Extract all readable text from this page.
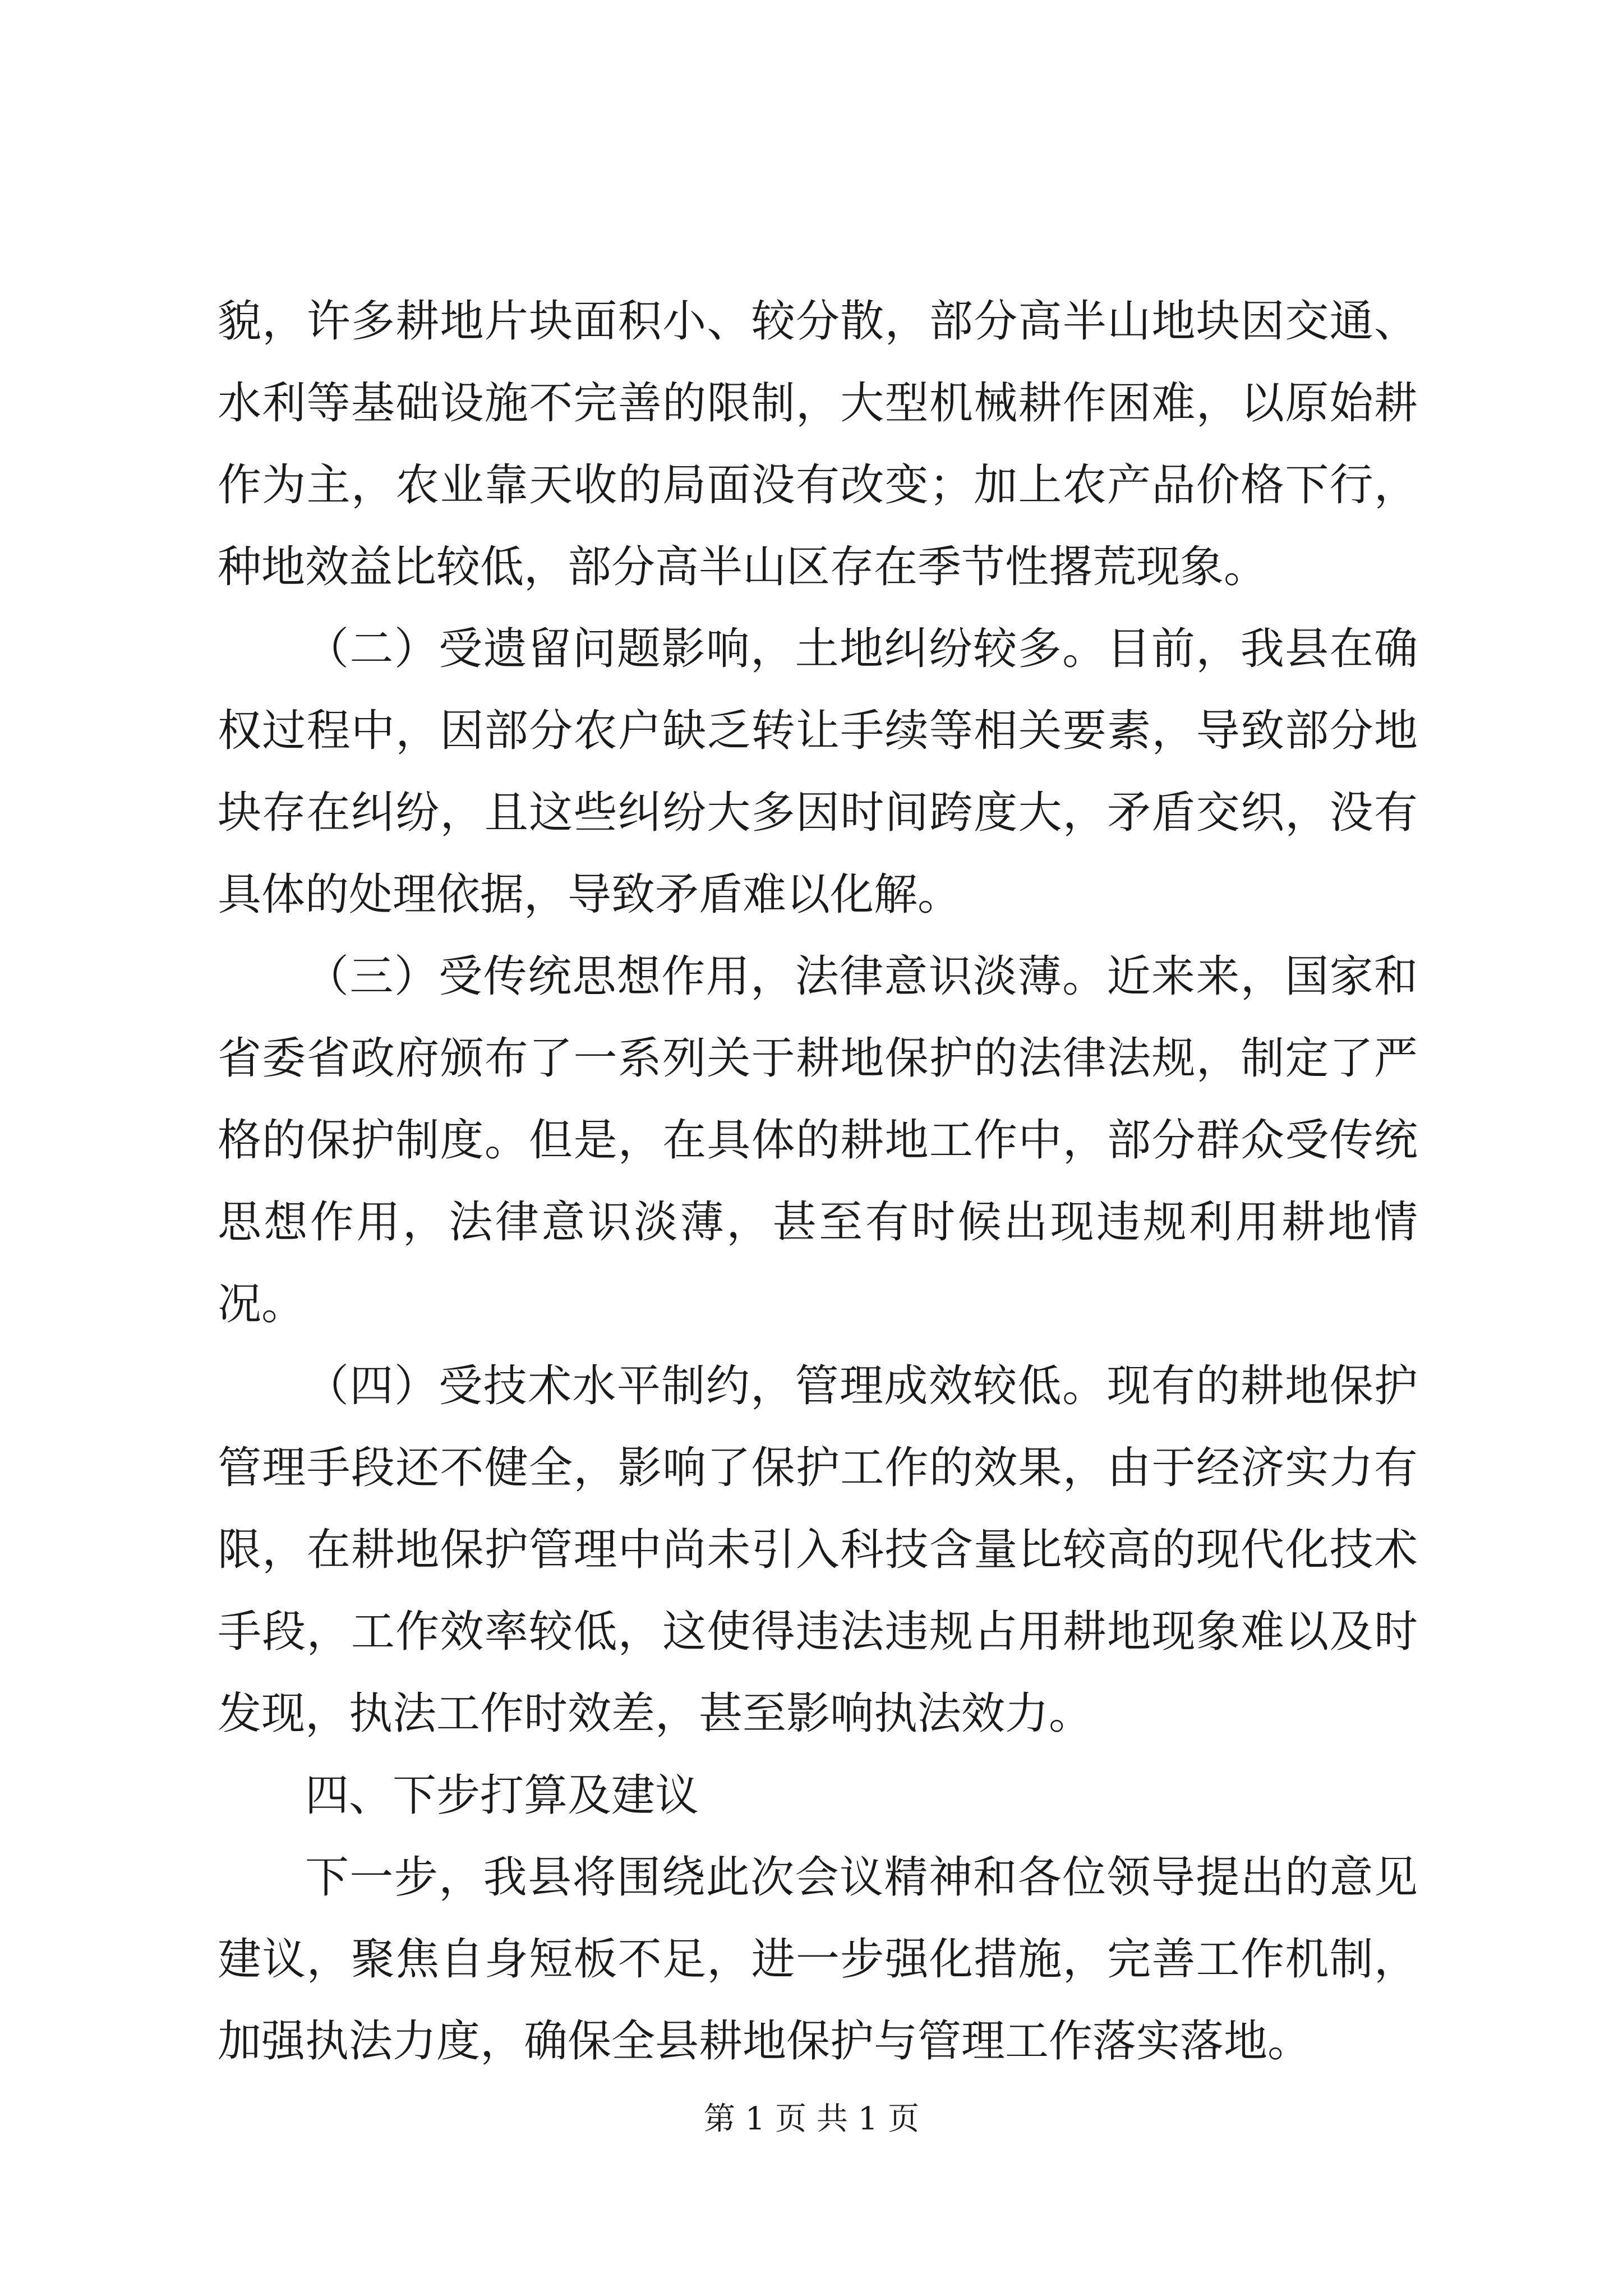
貌，许多耕地片块面积小、较分散，部分高半山地块因交通、水利等基础设施不完善的限制，大型机械耕作困难，以原始耕作为主，农业靠天收的局面没有改变；加上农产品价格下行，种地效益比较低，部分高半山区存在季节性撂荒现象。

（二）受遗留问题影响，土地纠纷较多。目前，我县在确权过程中，因部分农户缺乏转让手续等相关要素，导致部分地块存在纠纷，且这些纠纷大多因时间跨度大，矛盾交织，没有具体的处理依据，导致矛盾难以化解。

（三）受传统思想作用，法律意识淡薄。近来来，国家和省委省政府颁布了一系列关于耕地保护的法律法规，制定了严格的保护制度。但是，在具体的耕地工作中，部分群众受传统思想作用，法律意识淡薄，甚至有时候出现违规利用耕地情况。

（四）受技术水平制约，管理成效较低。现有的耕地保护管理手段还不健全，影响了保护工作的效果，由于经济实力有限，在耕地保护管理中尚未引入科技含量比较高的现代化技术手段，工作效率较低，这使得违法违规占用耕地现象难以及时发现，执法工作时效差，甚至影响执法效力。

四、下步打算及建议

下一步，我县将围绕此次会议精神和各位领导提出的意见建议，聚焦自身短板不足，进一步强化措施，完善工作机制，加强执法力度，确保全县耕地保护与管理工作落实落地。

第 1 页 共 1 页
